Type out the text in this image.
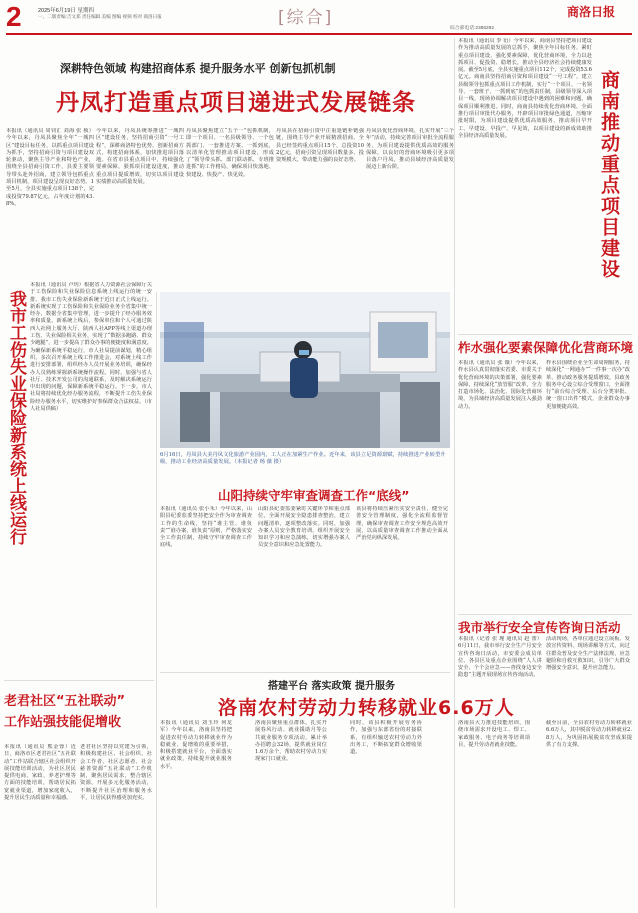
2	2025年6月19日 星期四
一、二版责编:吉文郑 责任编辑 美编 图编 视频 校对 商洛日报	[综合]	商洛日报
综合部电话:2386292
深耕特色领域 构建招商体系 提升服务水平 创新包抓机制
丹凤打造重点项目递进式发展链条
本报讯（通讯员 周钊汇 刘海 张 桢）今年以来，丹凤县聚焦全年“一城四区”建设目标任务，以抓重点项目建设为抓手，坚持招商引资与项目建设双轮驱动，聚焦主导产业和特色产业，围绕全县招商引资工作，县委主要领导带头赴外招商，建立领导包抓重点项目机制，项目建设呈现良好态势。1至5月，全县实施重点项目138个，完成投资79.87亿元，占年度计划的43.8%。
今年以来，丹凤县统筹推进“一城四区”建设任务，坚持招商引资“一号工程”，深耕商洛特色优势，创新招商方式，构建招商体系，加快推进项目落地。在省市县重点项目中，持续强化要素保障，狠抓项目建设进度，推动重点项目提质增效，切实以项目建设实绩推动高质量发展。
丹凤县聚焦建立“五个一”包抓机制，即一个项目、一名县级领导、一个包抓部门、一套推进方案、一抓到底，以清单化管理推动项目建设，形成了“领导带头抓、部门联动抓、专班推进抓”的工作格局，确保项目快落地、快建设、快投产、快见效。
丹凤县在招商引资中注重延链补链强链，围绕主导产业开展精准招商，全县已经签约重点项目15个，总投资102亿元，招商引资呈现项目数量多、投资规模大、带动能力强的良好态势。
丹凤县优化营商环境，扎实开展“三个年”活动，持续完善项目审批全流程服务，为项目建设提供优质高效的服务保障，以良好的营商环境吸引更多项目落户丹凤，推动县域经济高质量发展迈上新台阶。	商南推动重点项目建设
本报讯（通讯员 李 衍）今年以来，商南县坚持把项目建设作为推动高质量发展的总抓手，聚焦全年目标任务，紧盯重点项目建设，强化要素保障，优化营商环境，全力以赴抓项目、促投资、稳增长，推动全县经济社会持续健康发展。截至5月底，全县实施重点项目112个，完成投资53.6亿元。商南县坚持招商引资和项目建设“一号工程”，建立县级领导包抓重点项目工作机制，实行“一个项目、一名领导、一套班子、一抓到底”的包抓责任制，县级领导深入项目一线，现场协调解决项目建设中遇到的困难和问题，确保项目顺利推进。同时，商南县持续优化营商环境，全面推行项目审批代办服务，开辟项目审批绿色通道，压缩审批时限，为项目建设提供优质高效服务，推动项目早开工、早建设、早投产、早见效，以项目建设的新成效助推全县经济高质量发展。
柞水强化要素保障优化营商环境
本报讯（通讯员 张 薇）今年以来，柞水县认真贯彻落实省委、市委关于优化营商环境的决策部署，强化要素保障，持续深化“放管服”改革，全力打造市场化、法治化、国际化营商环境，为县域经济高质量发展注入强劲动力。
柞水县围绕企业全生命周期服务，持续深化“一网通办”“一件事一次办”改革，推动政务服务提质增效。县政务服务中心设立综合受理窗口，全面推行“前台综合受理、后台分类审批、统一窗口出件”模式，企业群众办事更加便捷高效。
我市举行安全宣传咨询日活动
本报讯（记者 张 瑾 通讯员 赵 蕾）6月11日，我市举行安全生产月安全宣传咨询日活动，市安委会成员单位、各县区及重点企业围绕“人人讲安全、个个会应急——查找身边安全隐患”主题开展现场宣传咨询活动。
活动现场，各单位通过设立展板、发放宣传资料、现场讲解等方式，向过往群众普及安全生产法律法规、应急避险和自救互救知识，引导广大群众增强安全意识，提升应急能力。
我市工伤失业保险新系统上线运行
本报讯（通讯员 卢玥）根据省人力资源社会保障厅关于工伤保险和失业保险信息系统上线运行的统一安排，我市工伤失业保险新系统于近日正式上线运行。新系统实现了工伤保险和失业保险业务全省集中统一经办，数据全省集中管理，进一步提升了经办服务效率和质量。新系统上线后，参保单位和个人可通过陕西人社网上服务大厅、陕西人社APP等线上渠道办理工伤、失业保险相关业务，实现了“数据多跑路、群众少跑腿”，进一步提高了群众办事的便捷度和满意度。为确保新系统平稳运行，市人社局提前谋划，精心组织，多次召开系统上线工作推进会，对系统上线工作进行安排部署，组织经办人员开展业务培训，确保经办人员熟练掌握新系统操作流程。同时，加强与省人社厅、技术开发公司的沟通联系，及时解决系统运行中出现的问题，保障新系统平稳运行。下一步，市人社局将持续优化经办服务流程，不断提升工伤失业保险经办服务水平，切实维护好参保群众合法权益。（市人社局供稿）
老君社区“五社联动”
工作站强技能促增收
本报讯（通讯员 熊金蓉）近日，商洛市区老君社区“五社联动”工作站联合辖区社会组织开展技能培训活动，为社区居民提供电商、家政、养老护理等方面的技能培训，帮助居民拓宽就业渠道，增加家庭收入，提升居民生活质量和幸福感。
老君社区坚持以党建为引领，积极构建社区、社会组织、社会工作者、社区志愿者、社会慈善资源“五社联动”工作机制，聚焦居民需求，整合辖区资源，开展多元化服务活动，不断提升社区治理和服务水平，让居民获得感更加充实。
6月16日，丹凤县大美丹凤文化旅游产业园内，工人正在加紧生产作业。近年来，该县立足资源禀赋，持续推进产业转型升级，推动工业经济高质量发展。（本报记者 杨 薇 摄）
山阳持续守牢审查调查工作“底线”
本报讯（通讯员 张小禾）今年以来，山阳县纪委监委坚持把安全作为审查调查工作的生命线，坚持“谁主管、谁负责”“谁办案、谁负责”原则，严格落实安全工作责任制，持续守牢审查调查工作底线。
山阳县纪委监委紧盯关键环节和重点部位，全面开展安全隐患排查整治，建立问题清单，逐项整改落实。同时，加强办案人员安全教育培训，组织开展安全知识学习和应急演练，切实增强办案人员安全意识和应急处置能力。
该县将持续压紧压实安全责任，健全完善安全管理制度，强化全流程监督管理，确保审查调查工作安全规范高效开展，以高质量审查调查工作推动全面从严治党向纵深发展。
搭建平台 落实政策 提升服务
洛南农村劳动力转移就业6.6万人
本报讯（通讯员 刘玉玲 何龙军）今年以来，洛南县坚持把促进农村劳动力转移就业作为稳就业、促增收的重要举措，积极搭建就业平台，全面落实就业政策，持续提升就业服务水平。
洛南县聚焦重点群体，扎实开展春风行动、就业援助月等公共就业服务专项活动，累计举办招聘会32场，提供就业岗位1.6万余个，帮助农村劳动力实现家门口就业。
同时，该县积极开展劳务协作，加强与东部省份的对接联系，有组织输送农村劳动力外出务工，不断拓宽群众增收渠道。
洛南县大力推进技能培训，围绕市场需求开设电工、焊工、家政服务、电子商务等培训项目，提升劳动者就业技能。
截至目前，全县农村劳动力转移就业6.6万人，其中脱贫劳动力转移就业2.8万人，为巩固拓展脱贫攻坚成果提供了有力支撑。
